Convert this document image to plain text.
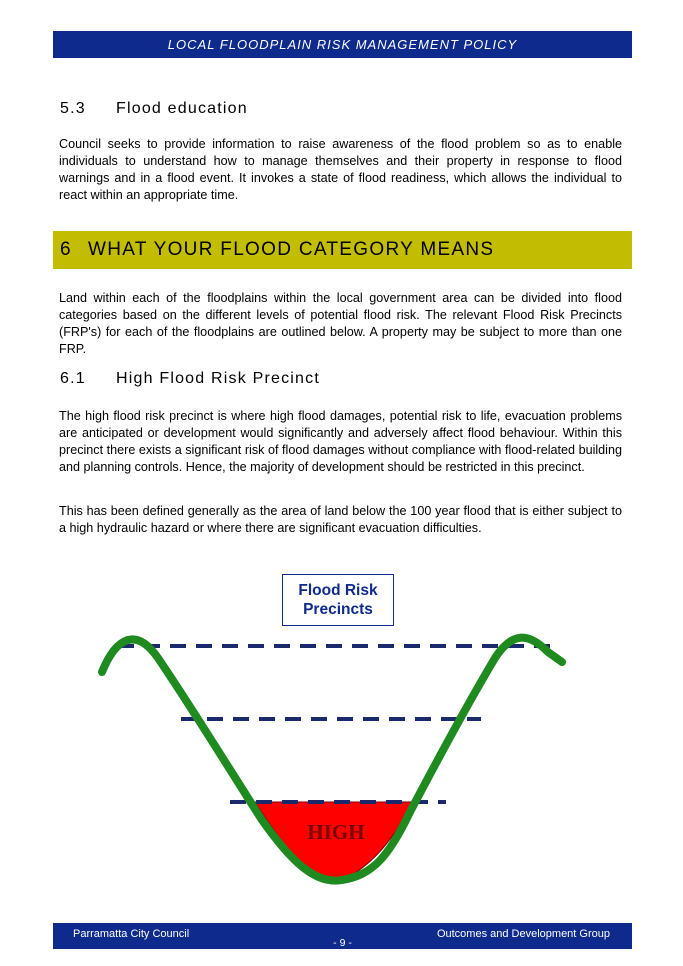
LOCAL FLOODPLAIN RISK MANAGEMENT POLICY
5.3 Flood education

Council seeks to provide information to raise awareness of the flood problem so as to enable individuals to understand how to manage themselves and their property in response to flood warnings and in a flood event. It invokes a state of flood readiness, which allows the individual to react within an appropriate time.

6 WHAT YOUR FLOOD CATEGORY MEANS

Land within each of the floodplains within the local government area can be divided into flood categories based on the different levels of potential flood risk. The relevant Flood Risk Precincts (FRP's) for each of the floodplains are outlined below. A property may be subject to more than one FRP.

6.1 High Flood Risk Precinct

The high flood risk precinct is where high flood damages, potential risk to life, evacuation problems are anticipated or development would significantly and adversely affect flood behaviour. Within this precinct there exists a significant risk of flood damages without compliance with flood-related building and planning controls. Hence, the majority of development should be restricted in this precinct.

This has been defined generally as the area of land below the 100 year flood that is either subject to a high hydraulic hazard or where there are significant evacuation difficulties.

HIGH
Flood Risk
Precincts
Parramatta City Council
- 9 -
Outcomes and Development Group
